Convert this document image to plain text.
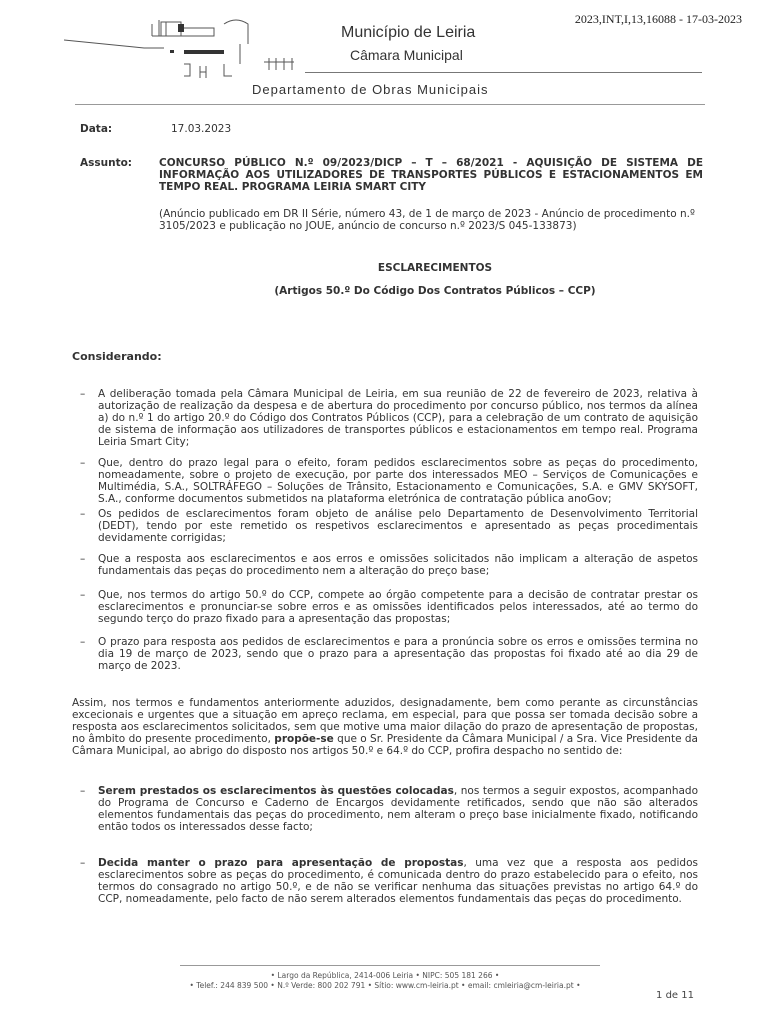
2023,INT,I,13,16088 - 17-03-2023
Município de Leiria
Câmara Municipal
Departamento de Obras Municipais
Data:	17.03.2023
Assunto:	CONCURSO PÚBLICO N.º 09/2023/DICP – T – 68/2021 - AQUISIÇÃO DE SISTEMA DE INFORMAÇÃO AOS UTILIZADORES DE TRANSPORTES PÚBLICOS E ESTACIONAMENTOS EM TEMPO REAL. PROGRAMA LEIRIA SMART CITY
(Anúncio publicado em DR II Série, número 43, de 1 de março de 2023 - Anúncio de procedimento n.º 3105/2023 e publicação no JOUE, anúncio de concurso n.º 2023/S 045-133873)
ESCLARECIMENTOS
(Artigos 50.º Do Código Dos Contratos Públicos – CCP)
Considerando:
– A deliberação tomada pela Câmara Municipal de Leiria, em sua reunião de 22 de fevereiro de 2023, relativa à autorização de realização da despesa e de abertura do procedimento por concurso público, nos termos da alínea a) do n.º 1 do artigo 20.º do Código dos Contratos Públicos (CCP), para a celebração de um contrato de aquisição de sistema de informação aos utilizadores de transportes públicos e estacionamentos em tempo real. Programa Leiria Smart City;
– Que, dentro do prazo legal para o efeito, foram pedidos esclarecimentos sobre as peças do procedimento, nomeadamente, sobre o projeto de execução, por parte dos interessados MEO – Serviços de Comunicações e Multimédia, S.A., SOLTRÁFEGO – Soluções de Trânsito, Estacionamento e Comunicações, S.A. e GMV SKYSOFT, S.A., conforme documentos submetidos na plataforma eletrónica de contratação pública anoGov;
– Os pedidos de esclarecimentos foram objeto de análise pelo Departamento de Desenvolvimento Territorial (DEDT), tendo por este remetido os respetivos esclarecimentos e apresentado as peças procedimentais devidamente corrigidas;
– Que a resposta aos esclarecimentos e aos erros e omissões solicitados não implicam a alteração de aspetos fundamentais das peças do procedimento nem a alteração do preço base;
– Que, nos termos do artigo 50.º do CCP, compete ao órgão competente para a decisão de contratar prestar os esclarecimentos e pronunciar-se sobre erros e as omissões identificados pelos interessados, até ao termo do segundo terço do prazo fixado para a apresentação das propostas;
– O prazo para resposta aos pedidos de esclarecimentos e para a pronúncia sobre os erros e omissões termina no dia 19 de março de 2023, sendo que o prazo para a apresentação das propostas foi fixado até ao dia 29 de março de 2023.
Assim, nos termos e fundamentos anteriormente aduzidos, designadamente, bem como perante as circunstâncias excecionais e urgentes que a situação em apreço reclama, em especial, para que possa ser tomada decisão sobre a resposta aos esclarecimentos solicitados, sem que motive uma maior dilação do prazo de apresentação de propostas, no âmbito do presente procedimento, propõe-se que o Sr. Presidente da Câmara Municipal / a Sra. Vice Presidente da Câmara Municipal, ao abrigo do disposto nos artigos 50.º e 64.º do CCP, profira despacho no sentido de:
– Serem prestados os esclarecimentos às questões colocadas, nos termos a seguir expostos, acompanhado do Programa de Concurso e Caderno de Encargos devidamente retificados, sendo que não são alterados elementos fundamentais das peças do procedimento, nem alteram o preço base inicialmente fixado, notificando então todos os interessados desse facto;
– Decida manter o prazo para apresentação de propostas, uma vez que a resposta aos pedidos esclarecimentos sobre as peças do procedimento, é comunicada dentro do prazo estabelecido para o efeito, nos termos do consagrado no artigo 50.º, e de não se verificar nenhuma das situações previstas no artigo 64.º do CCP, nomeadamente, pelo facto de não serem alterados elementos fundamentais das peças do procedimento.
• Largo da República, 2414-006 Leiria • NIPC: 505 181 266 •
• Telef.: 244 839 500 • N.º Verde: 800 202 791 • Sítio: www.cm-leiria.pt • email: cmleiria@cm-leiria.pt •
1 de 11
